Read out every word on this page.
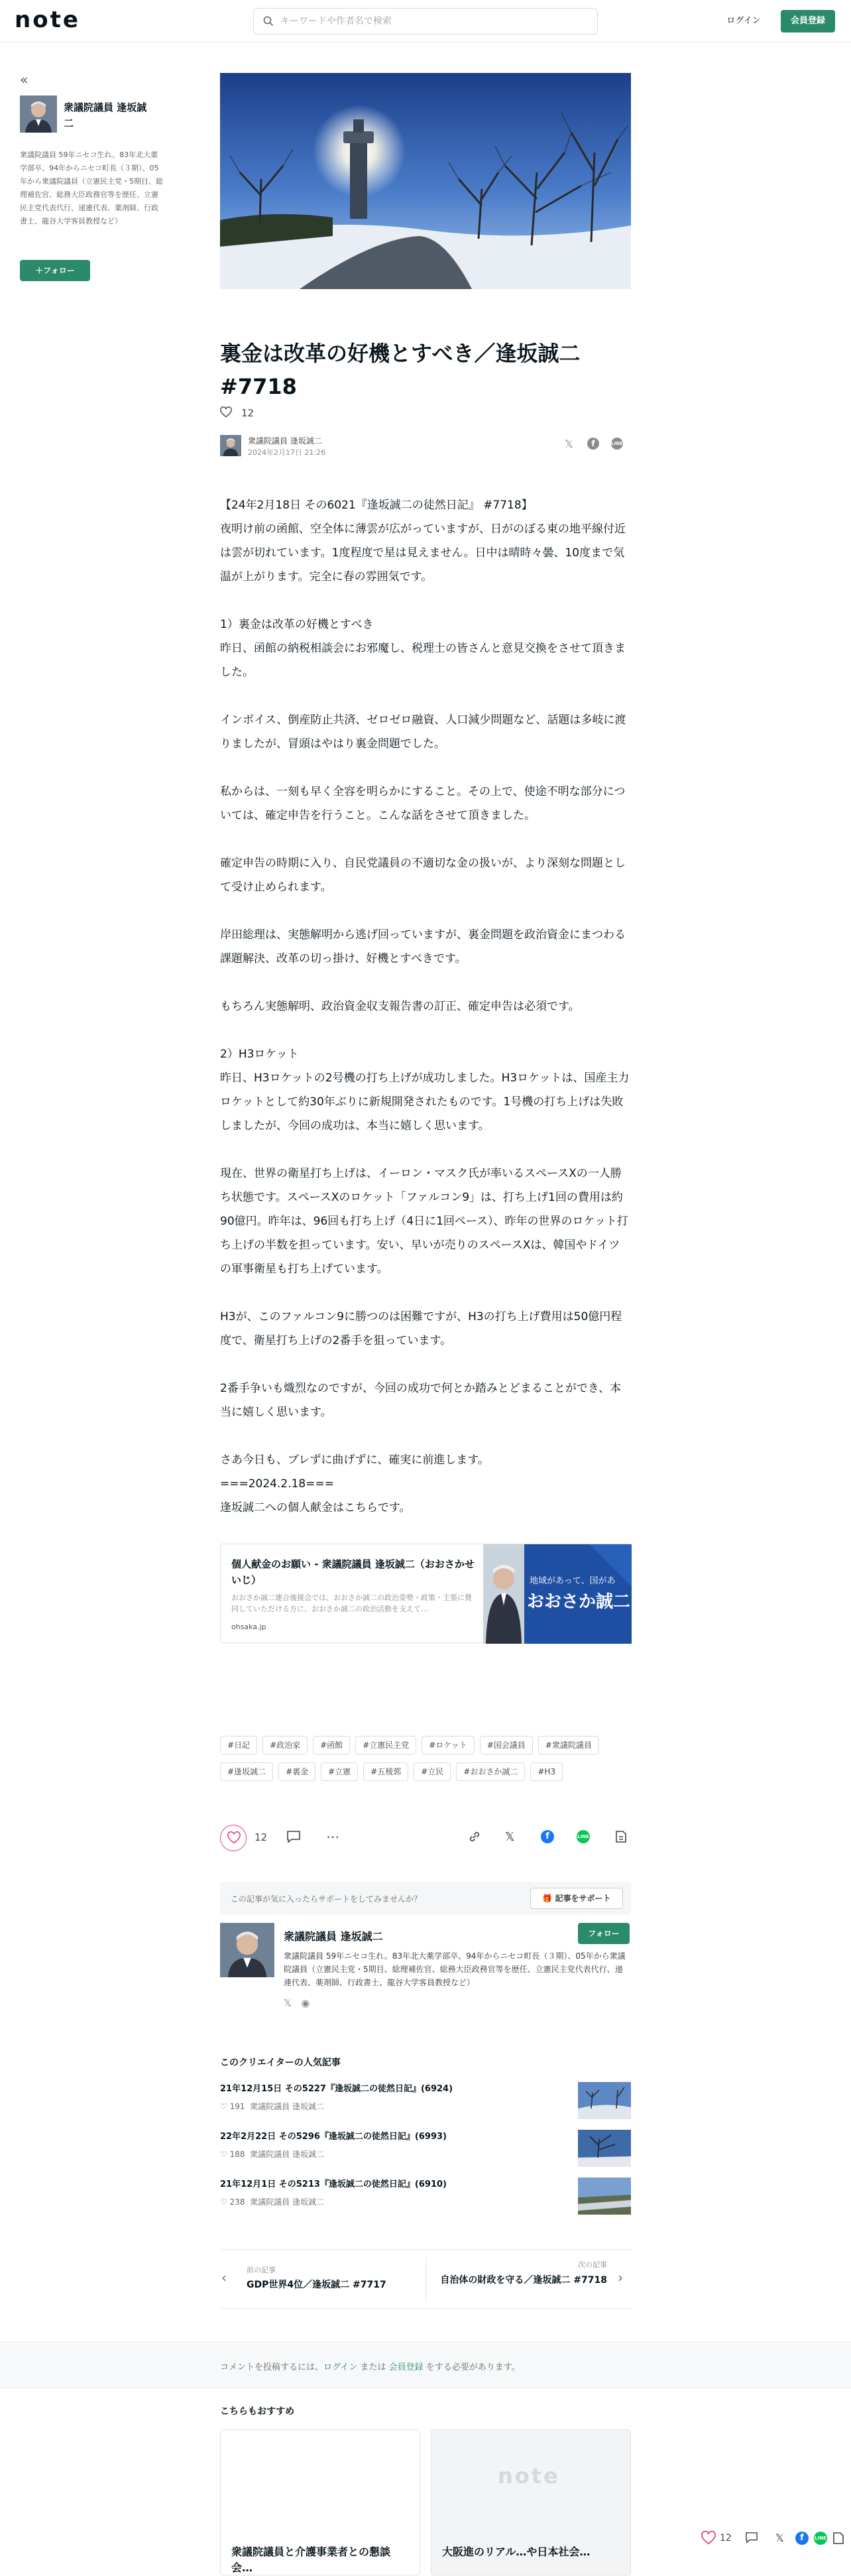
note
キーワードや作者名で検索	ログイン	会員登録
«
衆議院議員 逢坂誠二
衆議院議員 59年ニセコ生れ。83年北大薬学部卒、94年からニセコ町長（３期）、05年から衆議院議員（立憲民主党・5期目、総理補佐官、総務大臣政務官等を歴任、立憲民主党代表代行、递連代表、薬剤師、行政書士、龍谷大学客員教授など）
＋フォロー
裏金は改革の好機とすべき／逢坂誠二 #7718
12
衆議院議員 逢坂誠二
2024年2月17日 21:26
𝕏	f	LINE

【24年2月18日 その6021『逢坂誠二の徒然日記』 #7718】

夜明け前の函館、空全体に薄雲が広がっていますが、日がのぼる東の地平線付近は雲が切れています。1度程度で星は見えません。日中は晴時々曇、10度まで気温が上がります。完全に春の雰囲気です。

1）裏金は改革の好機とすべき

昨日、函館の納税相談会にお邪魔し、税理士の皆さんと意見交換をさせて頂きました。

インボイス、倒産防止共済、ゼロゼロ融資、人口減少問題など、話題は多岐に渡りましたが、冒頭はやはり裏金問題でした。

私からは、一刻も早く全容を明らかにすること。その上で、使途不明な部分については、確定申告を行うこと。こんな話をさせて頂きました。

確定申告の時期に入り、自民党議員の不適切な金の扱いが、より深刻な問題として受け止められます。

岸田総理は、実態解明から逃げ回っていますが、裏金問題を政治資金にまつわる課題解決、改革の切っ掛け、好機とすべきです。

もちろん実態解明、政治資金収支報告書の訂正、確定申告は必須です。

2）H3ロケット

昨日、H3ロケットの2号機の打ち上げが成功しました。H3ロケットは、国産主力ロケットとして約30年ぶりに新規開発されたものです。1号機の打ち上げは失敗しましたが、今回の成功は、本当に嬉しく思います。

現在、世界の衛星打ち上げは、イーロン・マスク氏が率いるスペースXの一人勝ち状態です。スペースXのロケット「ファルコン9」は、打ち上げ1回の費用は約90億円。昨年は、96回も打ち上げ（4日に1回ペース）、昨年の世界のロケット打ち上げの半数を担っています。安い、早いが売りのスペースXは、韓国やドイツの軍事衛星も打ち上げています。

H3が、このファルコン9に勝つのは困難ですが、H3の打ち上げ費用は50億円程度で、衛星打ち上げの2番手を狙っています。

2番手争いも熾烈なのですが、今回の成功で何とか踏みとどまることができ、本当に嬉しく思います。

さあ今日も、ブレずに曲げずに、確実に前進します。

===2024.2.18===

逢坂誠二への個人献金はこちらです。

個人献金のお願い - 衆議院議員 逢坂誠二（おおさかせいじ）
おおさか誠二連合後援会では、おおさか誠二の政治姿勢・政策・主張に賛同していただける方に、おおさか誠二の政治活動を支えて…
ohsaka.jp
地域があって、国があ
おおさか誠二
#日記	#政治家	#函館	#立憲民主党	#ロケット	#国会議員	#衆議院議員#逢坂誠二	#裏金	#立憲	#五稜郭	#立民	#おおさか誠二	#H3
12	⋯	𝕏	f	LINE
この記事が気に入ったらサポートをしてみませんか？	🎁 記事をサポート
衆議院議員 逢坂誠二	フォロー
衆議院議員 59年ニセコ生れ。83年北大薬学部卒、94年からニセコ町長（３期）、05年から衆議院議員（立憲民主党・5期目、総理補佐官、総務大臣政務官等を歴任、立憲民主党代表代行、递連代表、薬剤師、行政書士、龍谷大学客員教授など）
𝕏 ◉
このクリエイターの人気記事
21年12月15日 その5227『逢坂誠二の徒然日記』(6924)
♡ 191 衆議院議員 逢坂誠二
22年2月22日 その5296『逢坂誠二の徒然日記』(6993)
♡ 188 衆議院議員 逢坂誠二
21年12月1日 その5213『逢坂誠二の徒然日記』(6910)
♡ 238 衆議院議員 逢坂誠二
‹	前の記事
GDP世界4位／逢坂誠二 #7717
次の記事
自治体の財政を守る／逢坂誠二 #7718 ›
コメントを投稿するには、ログイン または 会員登録 をする必要があります。
こちらもおすすめ
衆議院議員と介護事業者との懇談会…
note
大阪進のリアル…や日本社会…
12	𝕏	f	LINE
